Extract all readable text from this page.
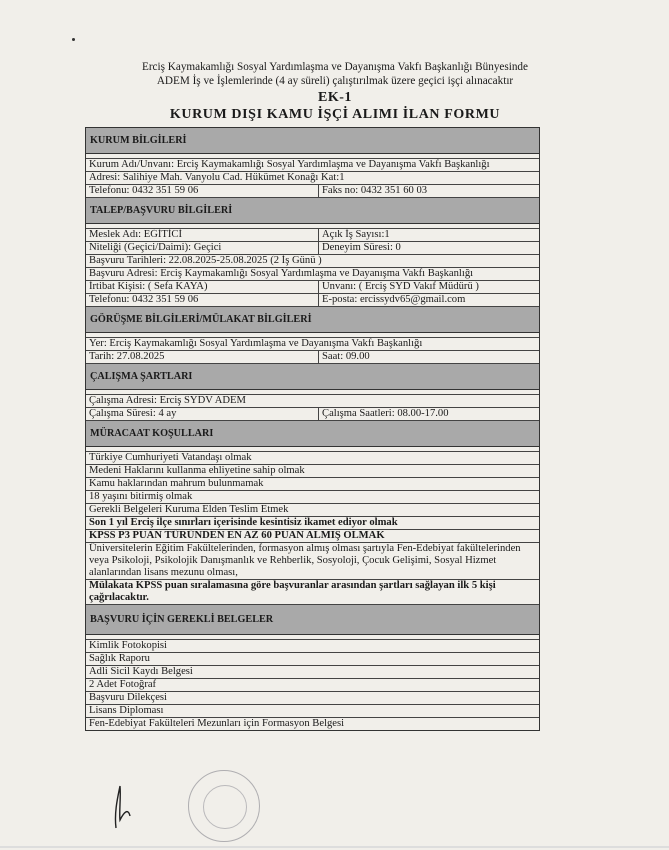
Erciş Kaymakamlığı Sosyal Yardımlaşma ve Dayanışma Vakfı Başkanlığı Bünyesinde
ADEM İş ve İşlemlerinde (4 ay süreli) çalıştırılmak üzere geçici işçi alınacaktır
EK-1
KURUM DIŞI KAMU İŞÇİ ALIMI İLAN FORMU
KURUM BİLGİLERİ
Kurum Adı/Unvanı: Erciş Kaymakamlığı Sosyal Yardımlaşma ve Dayanışma Vakfı Başkanlığı
Adresi: Salihiye Mah. Vanyolu Cad. Hükümet Konağı Kat:1
Telefonu: 0432 351 59 06	Faks no: 0432 351 60 03
TALEP/BAŞVURU BİLGİLERİ
Meslek Adı: EĞİTİCİ	Açık İş Sayısı:1
Niteliği (Geçici/Daimi): Geçici	Deneyim Süresi: 0
Başvuru Tarihleri: 22.08.2025-25.08.2025 (2 İş Günü )
Başvuru Adresi: Erciş Kaymakamlığı Sosyal Yardımlaşma ve Dayanışma Vakfı Başkanlığı
İrtibat Kişisi: ( Sefa KAYA)	Unvanı: ( Erciş SYD Vakıf Müdürü )
Telefonu: 0432 351 59 06	E-posta: ercissydv65@gmail.com
GÖRÜŞME BİLGİLERİ/MÜLAKAT BİLGİLERİ
Yer: Erciş Kaymakamlığı Sosyal Yardımlaşma ve Dayanışma Vakfı Başkanlığı
Tarih: 27.08.2025	Saat: 09.00
ÇALIŞMA ŞARTLARI
Çalışma Adresi: Erciş SYDV ADEM
Çalışma Süresi: 4 ay	Çalışma Saatleri: 08.00-17.00
MÜRACAAT KOŞULLARI
Türkiye Cumhuriyeti Vatandaşı olmak
Medeni Haklarını kullanma ehliyetine sahip olmak
Kamu haklarından mahrum bulunmamak
18 yaşını bitirmiş olmak
Gerekli Belgeleri Kuruma Elden Teslim Etmek
Son 1 yıl Erciş ilçe sınırları içerisinde kesintisiz ikamet ediyor olmak
KPSS P3 PUAN TÜRÜNDEN EN AZ 60 PUAN ALMIŞ OLMAK
Üniversitelerin Eğitim Fakültelerinden, formasyon almış olması şartıyla Fen-Edebiyat fakültelerinden veya Psikoloji, Psikolojik Danışmanlık ve Rehberlik, Sosyoloji, Çocuk Gelişimi, Sosyal Hizmet alanlarından lisans mezunu olması,
Mülakata KPSS puan sıralamasına göre başvuranlar arasından şartları sağlayan ilk 5 kişi çağrılacaktır.
BAŞVURU İÇİN GEREKLİ BELGELER
Kimlik Fotokopisi
Sağlık Raporu
Adli Sicil Kaydı Belgesi
2 Adet Fotoğraf
Başvuru Dilekçesi
Lisans Diploması
Fen-Edebiyat Fakülteleri Mezunları için Formasyon Belgesi
